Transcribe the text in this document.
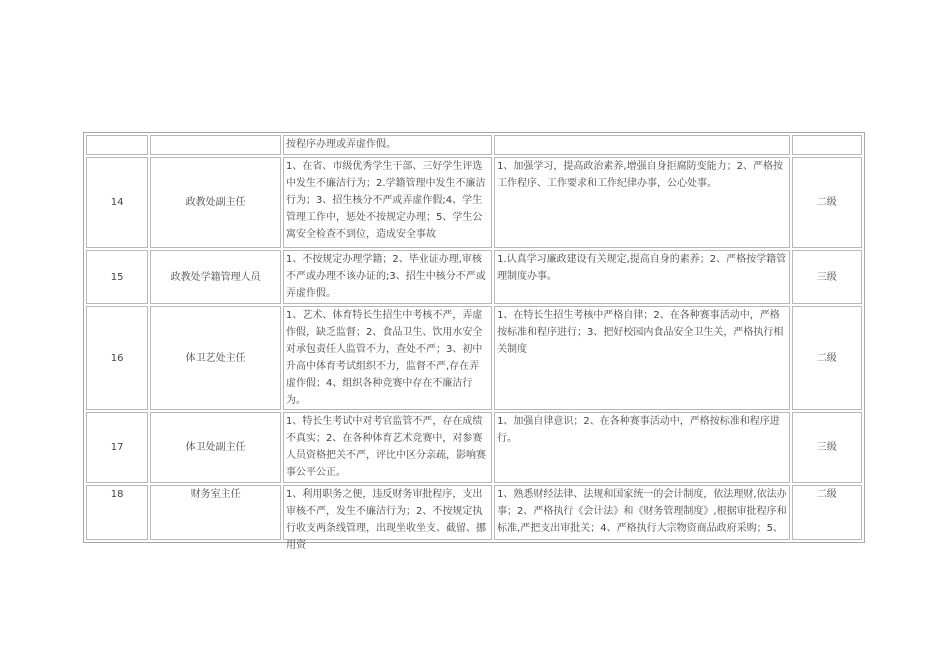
		按程序办理或弄虚作假。		
14	政教处副主任	1、在省、市级优秀学生干部、三好学生评选中发生不廉洁行为；2.学籍管理中发生不廉洁行为；3、招生核分不严或弄虚作假;4、学生管理工作中，惩处不按规定办理；5、学生公寓安全检查不到位，造成安全事故	1、加强学习，提高政治素养,增强自身拒腐防变能力；2、严格按工作程序、工作要求和工作纪律办事，公心处事。	二级
15	政教处学籍管理人员	1、不按规定办理学籍；2、毕业证办理,审核不严或办理不该办证的;3、招生中核分不严或弄虚作假。	1.认真学习廉政建设有关规定,提高自身的素养；2、严格按学籍管理制度办事。	三级
16	体卫艺处主任	1、艺术、体育特长生招生中考核不严，弄虚作假，缺乏监督；2、食品卫生、饮用水安全对承包责任人监管不力，查处不严；3、初中升高中体育考试组织不力，监督不严,存在弄虚作假；4、组织各种竞赛中存在不廉洁行为。	1、在特长生招生考核中严格自律；2、在各种赛事活动中，严格按标准和程序进行；3、把好校园内食品安全卫生关，严格执行相关制度	二级
17	体卫处副主任	1、特长生考试中对考官监管不严，存在成绩不真实；2、在各种体育艺术竞赛中，对参赛人员资格把关不严，评比中区分亲疏，影响赛事公平公正。	1、加强自律意识；2、在各种赛事活动中，严格按标准和程序进行。	三级
18	财务室主任	1、利用职务之便，违反财务审批程序，支出审核不严，发生不廉洁行为；2、不按规定执行收支两条线管理，出现坐收坐支、截留、挪用资	1、熟悉财经法律、法规和国家统一的会计制度，依法理财,依法办事；2、严格执行《会计法》和《财务管理制度》,根据审批程序和标准,严把支出审批关；4、严格执行大宗物资商品政府采购；5、	二级
